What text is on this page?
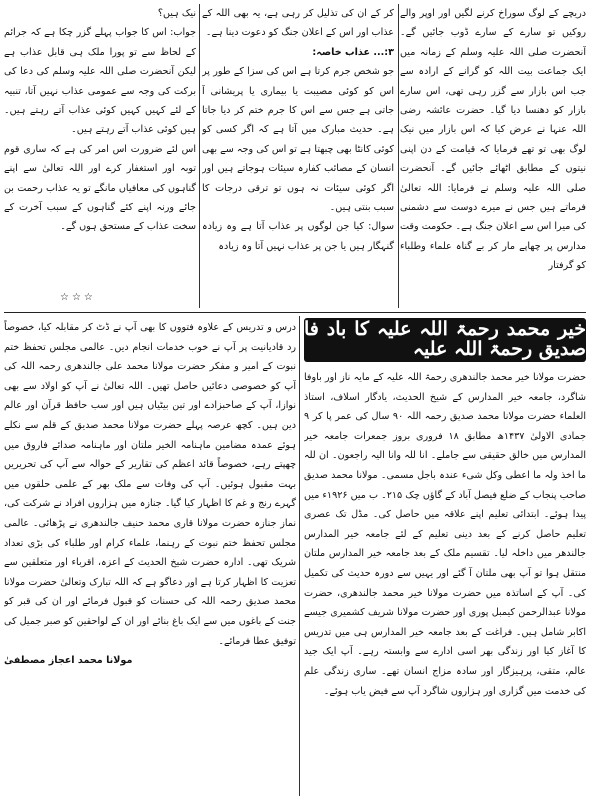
دریچے کے لوگ سوراخ کرنے لگیں اور اوپر والے روکیں تو سارے کے سارے ڈوب جائیں گے۔ آنحضرت صلی اللہ علیہ وسلم کے زمانہ میں ایک جماعت بیت اللہ کو گرانے کے ارادہ سے جب اس بازار سے گزر رہی تھی، اس سارے بازار کو دھنسا دیا گیا۔ حضرت عائشہ رضی اللہ عنہا نے عرض کیا کہ اس بازار میں نیک لوگ بھی تو تھے فرمایا کہ قیامت کے دن اپنی نیتوں کے مطابق اٹھائے جائیں گے۔ آنحضرت صلی اللہ علیہ وسلم نے فرمایا: اللہ تعالیٰ فرماتے ہیں جس نے میرے دوست سے دشمنی کی میرا اس سے اعلان جنگ ہے۔ حکومت وقت مدارس پر چھاپے مار کر بے گناہ علماء وطلباء کو گرفتار

کر کے ان کی تذلیل کر رہی ہے، یہ بھی اللہ کے عذاب اور اس کے اعلان جنگ کو دعوت دینا ہے۔

۳:... عذاب خاصہ:

جو شخص جرم کرتا ہے اس کی سزا کے طور پر اس کو کوئی مصیبت یا بیماری یا پریشانی آ جاتی ہے جس سے اس کا جرم ختم کر دیا جاتا ہے۔ حدیث مبارک میں آتا ہے کہ اگر کسی کو کوئی کانٹا بھی چبھتا ہے تو اس کی وجہ سے بھی انسان کے مصائب کفارہ سیئات ہوجاتے ہیں اور اگر کوئی سیئات نہ ہوں تو ترقی درجات کا سبب بنتی ہیں۔

سوال: کیا جن لوگوں پر عذاب آتا ہے وہ زیادہ گنہگار ہیں یا جن پر عذاب نہیں آتا وہ زیادہ

نیک ہیں؟

جواب: اس کا جواب پہلے گزر چکا ہے کہ جرائم کے لحاظ سے تو پورا ملک ہی قابل عذاب ہے لیکن آنحضرت صلی اللہ علیہ وسلم کی دعا کی برکت کی وجہ سے عمومی عذاب نہیں آتا، تنبیہ کے لئے کہیں کہیں کوئی عذاب آتے رہتے ہیں۔ ہیں کوئی عذاب آتے رہتے ہیں۔

اس لئے ضرورت اس امر کی ہے کہ ساری قوم توبہ اور استغفار کرے اور اللہ تعالیٰ سے اپنے گناہوں کی معافیاں مانگے تو یہ عذاب رحمت بن جائے ورنہ اپنے کئے گناہوں کے سبب آخرت کے سخت عذاب کے مستحق ہوں گے۔

☆☆☆
خیر محمد رحمۃ اللہ علیہ کا باد فا صدیق رحمۃ اللہ علیہ

حضرت مولانا خیر محمد جالندھری رحمۃ اللہ علیہ کے مایہ ناز اور باوفا شاگرد، جامعہ خیر المدارس کے شیخ الحدیث، یادگار اسلاف، استاذ العلماء حضرت مولانا محمد صدیق رحمہ اللہ ۹۰ سال کی عمر پا کر ۹ جمادی الاولیٰ ۱۴۳۷ھ مطابق ۱۸ فروری بروز جمعرات جامعہ خیر المدارس میں خالق حقیقی سے جاملے۔ انا للہ وانا الیہ راجعون۔ ان للہ ما اخذ ولہ ما اعطی وکل شیء عندہ باجل مسمی۔ مولانا محمد صدیق صاحب پنجاب کے ضلع فیصل آباد کے گاؤں چک ۲۱۵۔ ب میں ۱۹۲۶ء میں پیدا ہوئے۔ ابتدائی تعلیم اپنے علاقہ میں حاصل کی۔ مڈل تک عصری تعلیم حاصل کرنے کے بعد دینی تعلیم کے لئے جامعہ خیر المدارس جالندھر میں داخلہ لیا۔ تقسیم ملک کے بعد جامعہ خیر المدارس ملتان منتقل ہوا تو آپ بھی ملتان آ گئے اور یہیں سے دورہ حدیث کی تکمیل کی۔ آپ کے اساتذہ میں حضرت مولانا خیر محمد جالندھری، حضرت مولانا عبدالرحمن کیمبل پوری اور حضرت مولانا شریف کشمیری جیسے اکابر شامل ہیں۔ فراغت کے بعد جامعہ خیر المدارس ہی میں تدریس کا آغاز کیا اور زندگی بھر اسی ادارے سے وابستہ رہے۔ آپ ایک جید عالم، متقی، پرہیزگار اور سادہ مزاج انسان تھے۔ ساری زندگی علم کی خدمت میں گزاری اور ہزاروں شاگرد آپ سے فیض یاب ہوئے۔

درس و تدریس کے علاوہ فتووں کا بھی آپ نے ڈٹ کر مقابلہ کیا، خصوصاً رد قادیانیت پر آپ نے خوب خدمات انجام دیں۔ عالمی مجلس تحفظ ختم نبوت کے امیر و مفکر حضرت مولانا محمد علی جالندھری رحمہ اللہ کی آپ کو خصوصی دعائیں حاصل تھیں۔ اللہ تعالیٰ نے آپ کو اولاد سے بھی نوازا، آپ کے صاحبزادے اور تین بیٹیاں ہیں اور سب حافظ قرآن اور عالم دین ہیں۔ کچھ عرصہ پہلے حضرت مولانا محمد صدیق کے قلم سے نکلے ہوئے عمدہ مضامین ماہنامہ الخیر ملتان اور ماہنامہ صدائے فاروق میں چھپتے رہے، خصوصاً قائد اعظم کی تقاریر کے حوالہ سے آپ کی تحریریں بہت مقبول ہوئیں۔ آپ کی وفات سے ملک بھر کے علمی حلقوں میں گہرے رنج و غم کا اظہار کیا گیا۔ جنازہ میں ہزاروں افراد نے شرکت کی، نماز جنازہ حضرت مولانا قاری محمد حنیف جالندھری نے پڑھائی۔ عالمی مجلس تحفظ ختم نبوت کے رہنما، علماء کرام اور طلباء کی بڑی تعداد شریک تھی۔ ادارہ حضرت شیخ الحدیث کے اعزہ، اقرباء اور متعلقین سے تعزیت کا اظہار کرتا ہے اور دعاگو ہے کہ اللہ تبارک وتعالیٰ حضرت مولانا محمد صدیق رحمہ اللہ کی حسنات کو قبول فرمائے اور ان کی قبر کو جنت کے باغوں میں سے ایک باغ بنائے اور ان کے لواحقین کو صبر جمیل کی توفیق عطا فرمائے۔

مولانا محمد اعجاز مصطفیٰ
